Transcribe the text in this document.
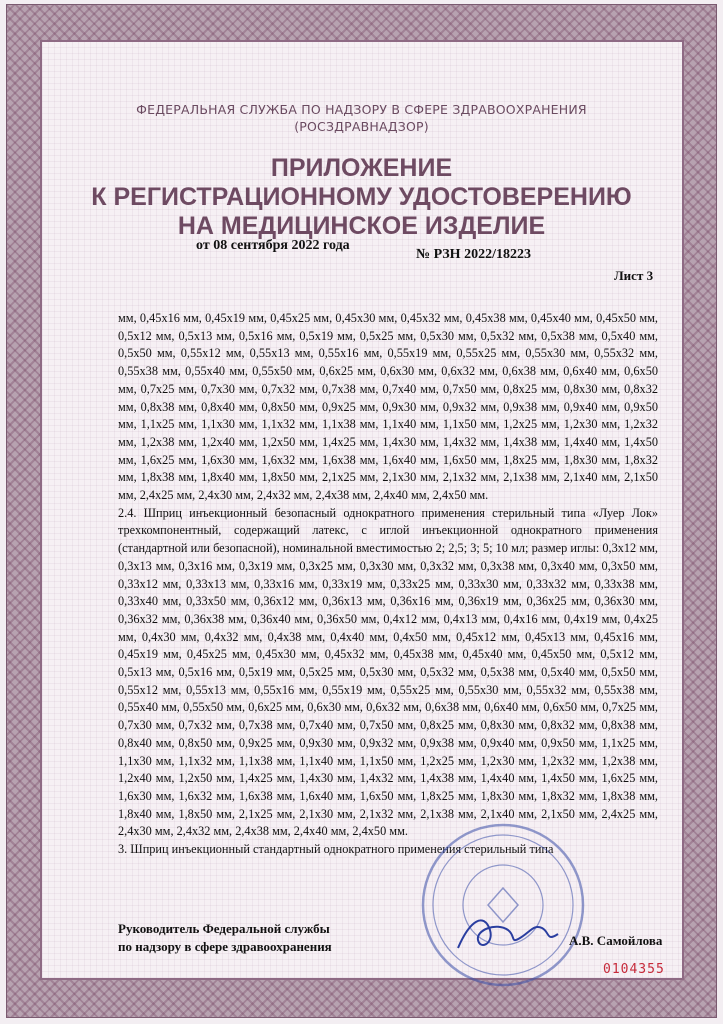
ФЕДЕРАЛЬНАЯ СЛУЖБА ПО НАДЗОРУ В СФЕРЕ ЗДРАВООХРАНЕНИЯ
(РОСЗДРАВНАДЗОР)
ПРИЛОЖЕНИЕ
К РЕГИСТРАЦИОННОМУ УДОСТОВЕРЕНИЮ
НА МЕДИЦИНСКОЕ ИЗДЕЛИЕ
от 08 сентября 2022 года
№ РЗН 2022/18223
Лист 3

мм, 0,45х16 мм, 0,45х19 мм, 0,45х25 мм, 0,45х30 мм, 0,45х32 мм, 0,45х38 мм, 0,45х40 мм, 0,45х50 мм, 0,5х12 мм, 0,5х13 мм, 0,5х16 мм, 0,5х19 мм, 0,5х25 мм, 0,5х30 мм, 0,5х32 мм, 0,5х38 мм, 0,5х40 мм, 0,5х50 мм, 0,55х12 мм, 0,55х13 мм, 0,55х16 мм, 0,55х19 мм, 0,55х25 мм, 0,55х30 мм, 0,55х32 мм, 0,55х38 мм, 0,55х40 мм, 0,55х50 мм, 0,6х25 мм, 0,6х30 мм, 0,6х32 мм, 0,6х38 мм, 0,6х40 мм, 0,6х50 мм, 0,7х25 мм, 0,7х30 мм, 0,7х32 мм, 0,7х38 мм, 0,7х40 мм, 0,7х50 мм, 0,8х25 мм, 0,8х30 мм, 0,8х32 мм, 0,8х38 мм, 0,8х40 мм, 0,8х50 мм, 0,9х25 мм, 0,9х30 мм, 0,9х32 мм, 0,9х38 мм, 0,9х40 мм, 0,9х50 мм, 1,1х25 мм, 1,1х30 мм, 1,1х32 мм, 1,1х38 мм, 1,1х40 мм, 1,1х50 мм, 1,2х25 мм, 1,2х30 мм, 1,2х32 мм, 1,2х38 мм, 1,2х40 мм, 1,2х50 мм, 1,4х25 мм, 1,4х30 мм, 1,4х32 мм, 1,4х38 мм, 1,4х40 мм, 1,4х50 мм, 1,6х25 мм, 1,6х30 мм, 1,6х32 мм, 1,6х38 мм, 1,6х40 мм, 1,6х50 мм, 1,8х25 мм, 1,8х30 мм, 1,8х32 мм, 1,8х38 мм, 1,8х40 мм, 1,8х50 мм, 2,1х25 мм, 2,1х30 мм, 2,1х32 мм, 2,1х38 мм, 2,1х40 мм, 2,1х50 мм, 2,4х25 мм, 2,4х30 мм, 2,4х32 мм, 2,4х38 мм, 2,4х40 мм, 2,4х50 мм.

2.4. Шприц инъекционный безопасный однократного применения стерильный типа «Луер Лок» трехкомпонентный, содержащий латекс, с иглой инъекционной однократного применения (стандартной или безопасной), номинальной вместимостью 2; 2,5; 3; 5; 10 мл; размер иглы: 0,3х12 мм, 0,3х13 мм, 0,3х16 мм, 0,3х19 мм, 0,3х25 мм, 0,3х30 мм, 0,3х32 мм, 0,3х38 мм, 0,3х40 мм, 0,3х50 мм, 0,33х12 мм, 0,33х13 мм, 0,33х16 мм, 0,33х19 мм, 0,33х25 мм, 0,33х30 мм, 0,33х32 мм, 0,33х38 мм, 0,33х40 мм, 0,33х50 мм, 0,36х12 мм, 0,36х13 мм, 0,36х16 мм, 0,36х19 мм, 0,36х25 мм, 0,36х30 мм, 0,36х32 мм, 0,36х38 мм, 0,36х40 мм, 0,36х50 мм, 0,4х12 мм, 0,4х13 мм, 0,4х16 мм, 0,4х19 мм, 0,4х25 мм, 0,4х30 мм, 0,4х32 мм, 0,4х38 мм, 0,4х40 мм, 0,4х50 мм, 0,45х12 мм, 0,45х13 мм, 0,45х16 мм, 0,45х19 мм, 0,45х25 мм, 0,45х30 мм, 0,45х32 мм, 0,45х38 мм, 0,45х40 мм, 0,45х50 мм, 0,5х12 мм, 0,5х13 мм, 0,5х16 мм, 0,5х19 мм, 0,5х25 мм, 0,5х30 мм, 0,5х32 мм, 0,5х38 мм, 0,5х40 мм, 0,5х50 мм, 0,55х12 мм, 0,55х13 мм, 0,55х16 мм, 0,55х19 мм, 0,55х25 мм, 0,55х30 мм, 0,55х32 мм, 0,55х38 мм, 0,55х40 мм, 0,55х50 мм, 0,6х25 мм, 0,6х30 мм, 0,6х32 мм, 0,6х38 мм, 0,6х40 мм, 0,6х50 мм, 0,7х25 мм, 0,7х30 мм, 0,7х32 мм, 0,7х38 мм, 0,7х40 мм, 0,7х50 мм, 0,8х25 мм, 0,8х30 мм, 0,8х32 мм, 0,8х38 мм, 0,8х40 мм, 0,8х50 мм, 0,9х25 мм, 0,9х30 мм, 0,9х32 мм, 0,9х38 мм, 0,9х40 мм, 0,9х50 мм, 1,1х25 мм, 1,1х30 мм, 1,1х32 мм, 1,1х38 мм, 1,1х40 мм, 1,1х50 мм, 1,2х25 мм, 1,2х30 мм, 1,2х32 мм, 1,2х38 мм, 1,2х40 мм, 1,2х50 мм, 1,4х25 мм, 1,4х30 мм, 1,4х32 мм, 1,4х38 мм, 1,4х40 мм, 1,4х50 мм, 1,6х25 мм, 1,6х30 мм, 1,6х32 мм, 1,6х38 мм, 1,6х40 мм, 1,6х50 мм, 1,8х25 мм, 1,8х30 мм, 1,8х32 мм, 1,8х38 мм, 1,8х40 мм, 1,8х50 мм, 2,1х25 мм, 2,1х30 мм, 2,1х32 мм, 2,1х38 мм, 2,1х40 мм, 2,1х50 мм, 2,4х25 мм, 2,4х30 мм, 2,4х32 мм, 2,4х38 мм, 2,4х40 мм, 2,4х50 мм.

3. Шприц инъекционный стандартный однократного применения стерильный типа

Руководитель Федеральной службы
по надзору в сфере здравоохранения	А.В. Самойлова
0104355
